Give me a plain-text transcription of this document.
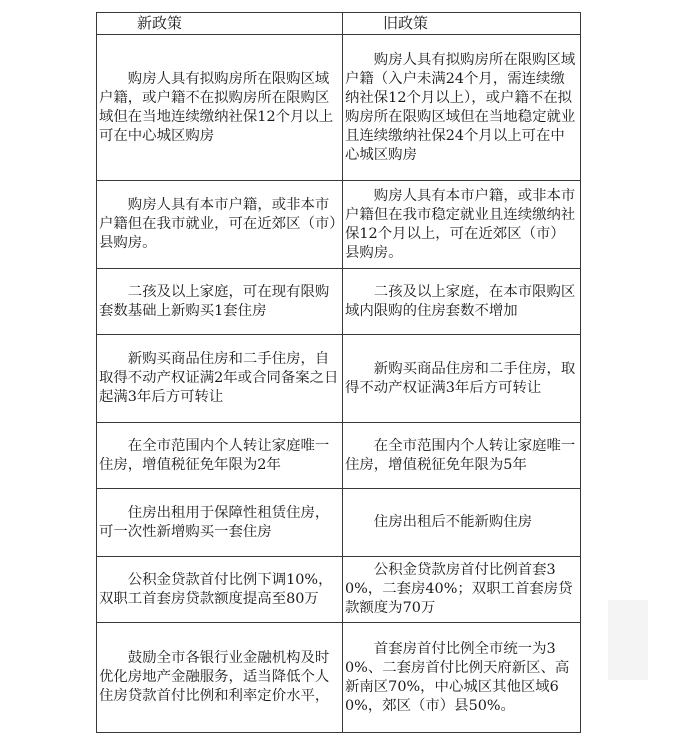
新政策	旧政策
购房人具有拟购房所在限购区域户籍，或户籍不在拟购房所在限购区域但在当地连续缴纳社保12个月以上可在中心城区购房	购房人具有拟购房所在限购区域户籍（入户未满24个月，需连续缴纳社保12个月以上），或户籍不在拟购房所在限购区域但在当地稳定就业且连续缴纳社保24个月以上可在中心城区购房
购房人具有本市户籍，或非本市户籍但在我市就业，可在近郊区（市）县购房。	购房人具有本市户籍，或非本市户籍但在我市稳定就业且连续缴纳社保12个月以上，可在近郊区（市）县购房。
二孩及以上家庭，可在现有限购套数基础上新购买1套住房	二孩及以上家庭，在本市限购区域内限购的住房套数不增加
新购买商品住房和二手住房，自取得不动产权证满2年或合同备案之日起满3年后方可转让	新购买商品住房和二手住房，取得不动产权证满3年后方可转让
在全市范围内个人转让家庭唯一住房，增值税征免年限为2年	在全市范围内个人转让家庭唯一住房，增值税征免年限为5年
住房出租用于保障性租赁住房，可一次性新增购买一套住房	住房出租后不能新购住房
公积金贷款首付比例下调10%，双职工首套房贷款额度提高至80万	公积金贷款房首付比例首套30%，二套房40%；双职工首套房贷款额度为70万
鼓励全市各银行业金融机构及时优化房地产金融服务，适当降低个人住房贷款首付比例和利率定价水平，	首套房首付比例全市统一为30%、二套房首付比例天府新区、高新南区70%，中心城区其他区域60%，郊区（市）县50%。
